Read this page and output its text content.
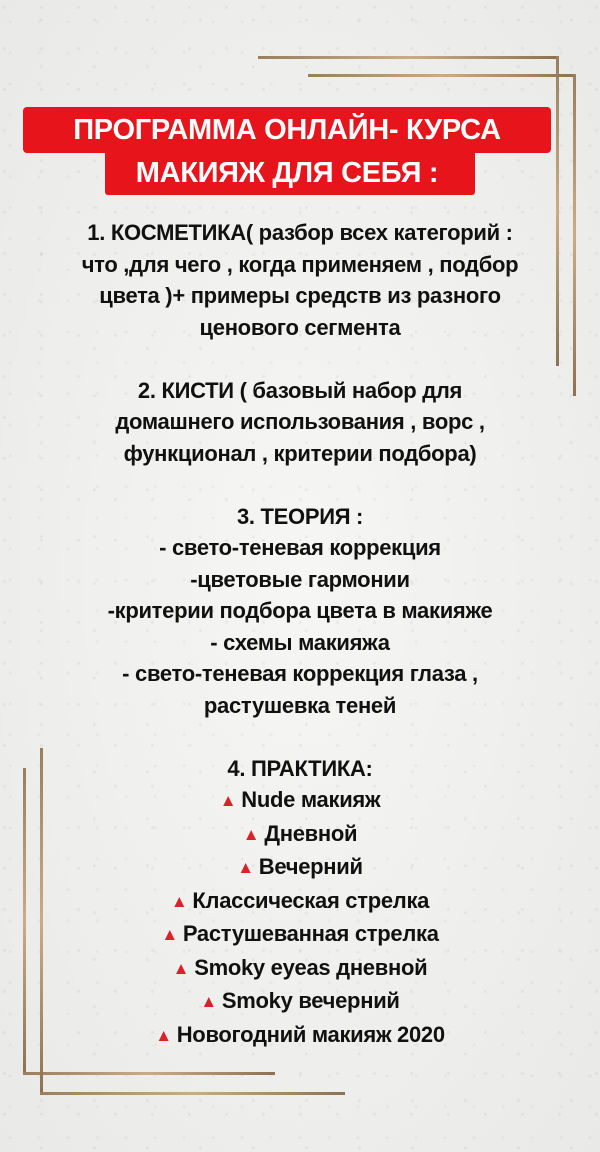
ПРОГРАММА ОНЛАЙН- КУРСА
МАКИЯЖ ДЛЯ СЕБЯ :
1. КОСМЕТИКА( разбор всех категорий :
что ,для чего , когда применяем , подбор
цвета )+ примеры средств из разного
ценового сегмента
2. КИСТИ ( базовый набор для
домашнего использования , ворс ,
функционал , критерии подбора)
3. ТЕОРИЯ :
- свето-теневая коррекция
-цветовые гармонии
-критерии подбора цвета в макияже
- схемы макияжа
- свето-теневая коррекция глаза ,
растушевка теней
4. ПРАКТИКА:
▲ Nude макияж
▲ Дневной
▲ Вечерний
▲ Классическая стрелка
▲ Растушеванная стрелка
▲ Smoky eyeas дневной
▲ Smoky вечерний
▲ Новогодний макияж 2020
